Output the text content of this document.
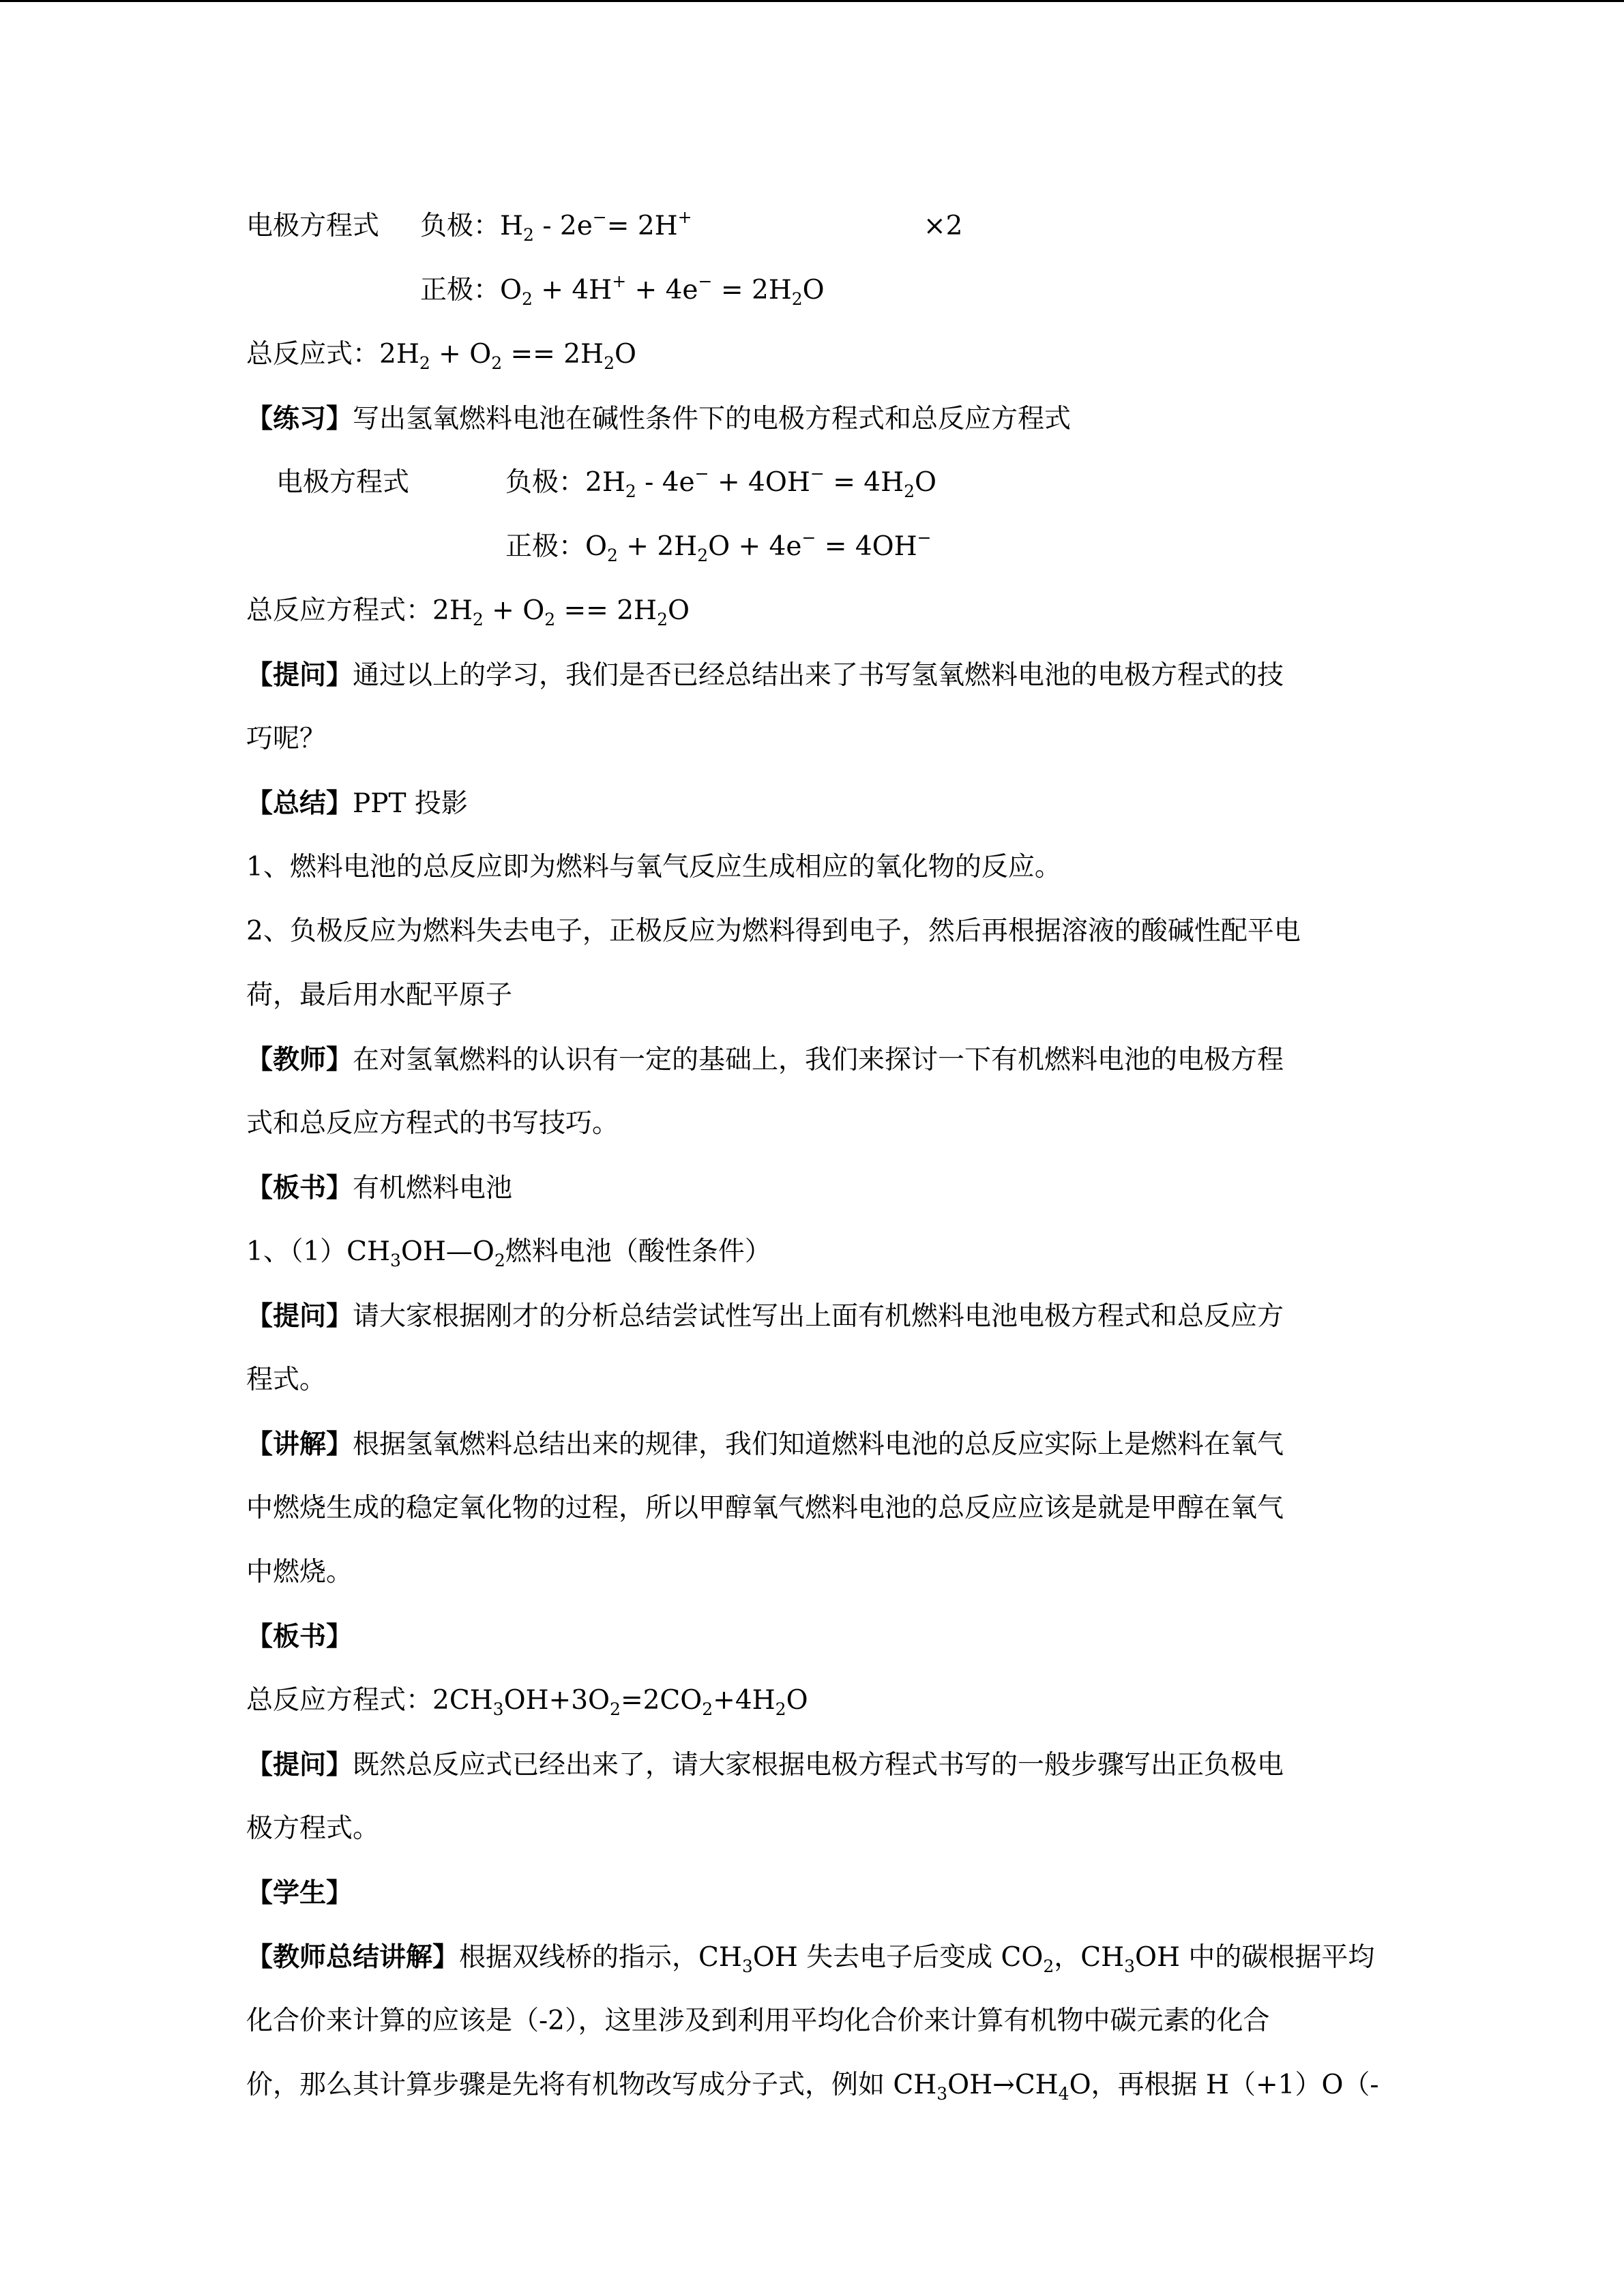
电极方程式 负极：$H_2 - 2e^-= 2H^+$	×2
正极：$O_2 + 4H^+ + 4e^- = 2H_2O$
总反应式：$2H_2 + O_2 == 2H_2O$
【练习】写出氢氧燃料电池在碱性条件下的电极方程式和总反应方程式
电极方程式	负极：$2H_2 - 4e^- + 4OH^- = 4H_2O$
正极：$O_2 + 2H_2O + 4e^- = 4OH^-$
总反应方程式：$2H_2 + O_2 == 2H_2O$
【提问】通过以上的学习，我们是否已经总结出来了书写氢氧燃料电池的电极方程式的技
巧呢？
【总结】PPT 投影
1、燃料电池的总反应即为燃料与氧气反应生成相应的氧化物的反应。
2、负极反应为燃料失去电子，正极反应为燃料得到电子，然后再根据溶液的酸碱性配平电
荷，最后用水配平原子
【教师】在对氢氧燃料的认识有一定的基础上，我们来探讨一下有机燃料电池的电极方程
式和总反应方程式的书写技巧。
【板书】有机燃料电池
1、$(1)CH_3OH—O_2$燃料电池（酸性条件）
【提问】请大家根据刚才的分析总结尝试性写出上面有机燃料电池电极方程式和总反应方
程式。
【讲解】根据氢氧燃料总结出来的规律，我们知道燃料电池的总反应实际上是燃料在氧气
中燃烧生成的稳定氧化物的过程，所以甲醇氧气燃料电池的总反应应该是就是甲醇在氧气
中燃烧。
【板书】
总反应方程式：$2CH_3OH+3O_2=2CO_2+4H_2O$
【提问】既然总反应式已经出来了，请大家根据电极方程式书写的一般步骤写出正负极电
极方程式。
【学生】
【教师总结讲解】根据双线桥的指示，$CH_3OH$ 失去电子后变成 $CO_2$，$CH_3OH$ 中的碳根据平均
化合价来计算的应该是（-2），这里涉及到利用平均化合价来计算有机物中碳元素的化合
价，那么其计算步骤是先将有机物改写成分子式，例如 $CH_3OH\to CH_4O$，再根据 H（+1）O（-
